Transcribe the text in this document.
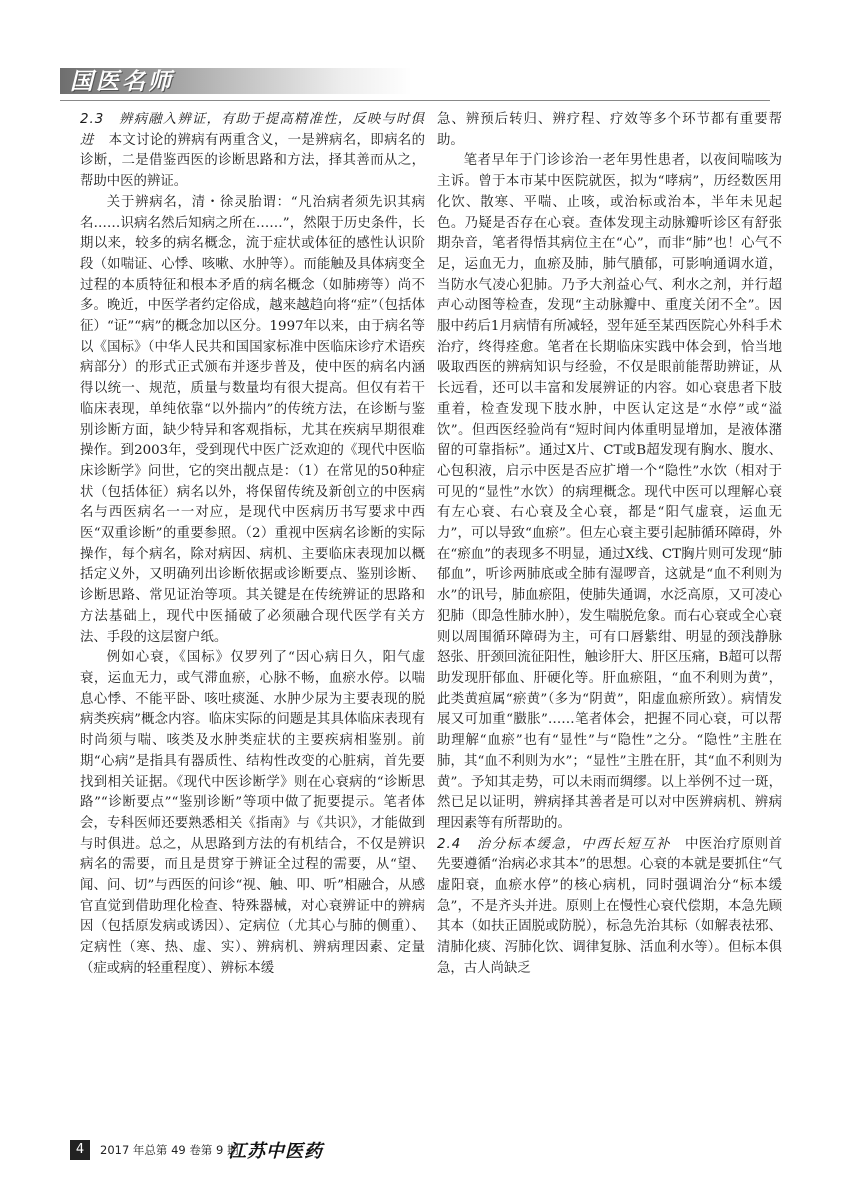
国医名师

2.3　辨病融入辨证，有助于提高精准性，反映与时俱进　 本文讨论的辨病有两重含义，一是辨病名，即病名的诊断，二是借鉴西医的诊断思路和方法，择其善而从之，帮助中医的辨证。

关于辨病名，清・徐灵胎谓：“凡治病者须先识其病名……识病名然后知病之所在……”，然限于历史条件，长期以来，较多的病名概念，流于症状或体征的感性认识阶段（如喘证、心悸、咳嗽、水肿等）。而能触及具体病变全过程的本质特征和根本矛盾的病名概念（如肺痨等）尚不多。晚近，中医学者约定俗成，越来越趋向将“症”（包括体征）“证”“病”的概念加以区分。1997年以来，由于病名等以《国标》（中华人民共和国国家标准中医临床诊疗术语疾病部分）的形式正式颁布并逐步普及，使中医的病名内涵得以统一、规范，质量与数量均有很大提高。但仅有若干临床表现，单纯依靠“以外揣内”的传统方法，在诊断与鉴别诊断方面，缺少特异和客观指标，尤其在疾病早期很难操作。到2003年，受到现代中医广泛欢迎的《现代中医临床诊断学》问世，它的突出靓点是：（1）在常见的50种症状（包括体征）病名以外，将保留传统及新创立的中医病名与西医病名一一对应，是现代中医病历书写要求中西医“双重诊断”的重要参照。（2）重视中医病名诊断的实际操作，每个病名，除对病因、病机、主要临床表现加以概括定义外，又明确列出诊断依据或诊断要点、鉴别诊断、诊断思路、常见证治等项。其关键是在传统辨证的思路和方法基础上，现代中医捅破了必须融合现代医学有关方法、手段的这层窗户纸。

例如心衰，《国标》仅罗列了“因心病日久，阳气虚衰，运血无力，或气滞血瘀，心脉不畅，血瘀水停。以喘息心悸、不能平卧、咳吐痰涎、水肿少尿为主要表现的脱病类疾病”概念内容。临床实际的问题是其具体临床表现有时尚须与喘、咳类及水肿类症状的主要疾病相鉴别。前期“心病”是指具有器质性、结构性改变的心脏病，首先要找到相关证据。《现代中医诊断学》则在心衰病的“诊断思路”“诊断要点”“鉴别诊断”等项中做了扼要提示。笔者体会，专科医师还要熟悉相关《指南》与《共识》，才能做到与时俱进。总之，从思路到方法的有机结合，不仅是辨识病名的需要，而且是贯穿于辨证全过程的需要，从“望、闻、问、切”与西医的问诊“视、触、叩、听”相融合，从感官直觉到借助理化检查、特殊器械，对心衰辨证中的辨病因（包括原发病或诱因）、定病位（尤其心与肺的侧重）、定病性（寒、热、虚、实）、辨病机、辨病理因素、定量（症或病的轻重程度）、辨标本缓

急、辨预后转归、辨疗程、疗效等多个环节都有重要帮助。

笔者早年于门诊诊治一老年男性患者，以夜间喘咳为主诉。曾于本市某中医院就医，拟为“哮病”，历经数医用化饮、散寒、平喘、止咳，或治标或治本，半年未见起色。乃疑是否存在心衰。查体发现主动脉瓣听诊区有舒张期杂音，笔者得悟其病位主在“心”，而非“肺”也！心气不足，运血无力，血瘀及肺，肺气膹郁，可影响通调水道，当防水气凌心犯肺。乃予大剂益心气、利水之剂，并行超声心动图等检查，发现“主动脉瓣中、重度关闭不全”。因服中药后1月病情有所减轻，翌年延至某西医院心外科手术治疗，终得痊愈。笔者在长期临床实践中体会到，恰当地吸取西医的辨病知识与经验，不仅是眼前能帮助辨证，从长远看，还可以丰富和发展辨证的内容。如心衰患者下肢重着，检查发现下肢水肿，中医认定这是“水停”或“溢饮”。但西医经验尚有“短时间内体重明显增加，是液体潴留的可靠指标”。通过X片、CT或B超发现有胸水、腹水、心包积液，启示中医是否应扩增一个“隐性”水饮（相对于可见的“显性”水饮）的病理概念。现代中医可以理解心衰有左心衰、右心衰及全心衰，都是“阳气虚衰，运血无力”，可以导致“血瘀”。但左心衰主要引起肺循环障碍，外在“瘀血”的表现多不明显，通过X线、CT胸片则可发现“肺郁血”，听诊两肺底或全肺有湿啰音，这就是“血不利则为水”的讯号，肺血瘀阻，使肺失通调，水泛高原，又可凌心犯肺（即急性肺水肿），发生喘脱危象。而右心衰或全心衰则以周围循环障碍为主，可有口唇紫绀、明显的颈浅静脉怒张、肝颈回流征阳性，触诊肝大、肝区压痛，B超可以帮助发现肝郁血、肝硬化等。肝血瘀阻，“血不利则为黄”，此类黄疸属“瘀黄”（多为“阴黄”，阳虚血瘀所致）。病情发展又可加重“臌胀”……笔者体会，把握不同心衰，可以帮助理解“血瘀”也有“显性”与“隐性”之分。“隐性”主胜在肺，其“血不利则为水”；“显性”主胜在肝，其“血不利则为黄”。予知其走势，可以未雨而绸缪。以上举例不过一斑，然已足以证明，辨病择其善者是可以对中医辨病机、辨病理因素等有所帮助的。

2.4　治分标本缓急，中西长短互补　 中医治疗原则首先要遵循“治病必求其本”的思想。心衰的本就是要抓住“气虚阳衰，血瘀水停”的核心病机，同时强调治分“标本缓急”，不是齐头并进。原则上在慢性心衰代偿期，本急先顾其本（如扶正固脱或防脱），标急先治其标（如解表祛邪、清肺化痰、泻肺化饮、调律复脉、活血利水等）。但标本俱急，古人尚缺乏

4	2017 年总第 49 卷第 9 期
江苏中医药
